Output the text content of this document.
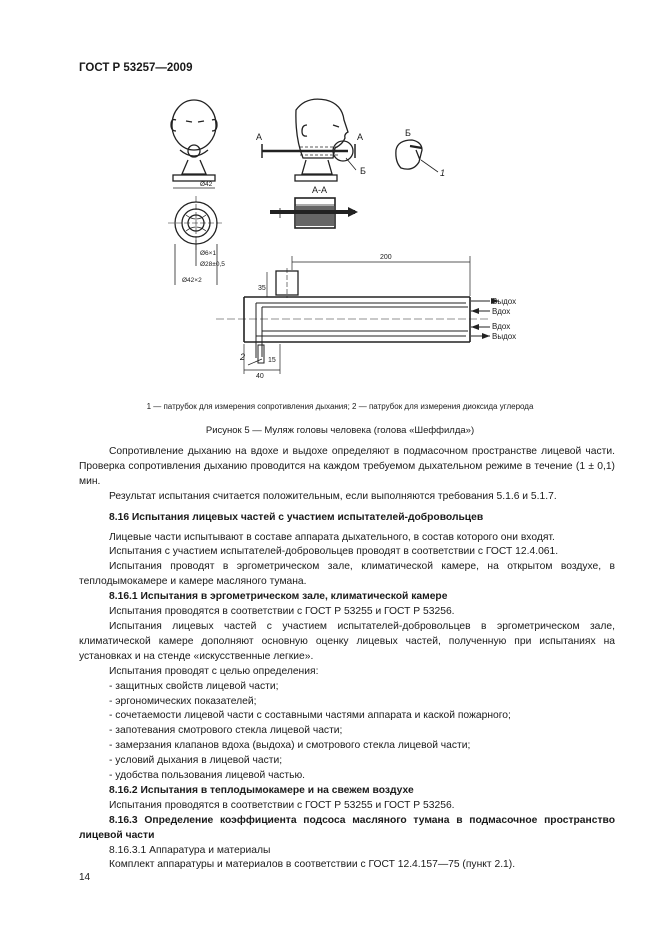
ГОСТ Р 53257—2009
А	А	Б
Б
А-А
1
2
200
35
15
40
Ø42
Ø6×1
Ø28±0,5
Ø42×2
Выдох
Вдох
Вдох
Выдох
1 — патрубок для измерения сопротивления дыхания; 2 — патрубок для измерения диоксида углерода
Рисунок 5 — Муляж головы человека (голова «Шеффилда»)

Сопротивление дыханию на вдохе и выдохе определяют в подмасочном пространстве лицевой части. Проверка сопротивления дыханию проводится на каждом требуемом дыхательном режиме в течение (1 ± 0,1) мин.

Результат испытания считается положительным, если выполняются требования 5.1.6 и 5.1.7.

8.16 Испытания лицевых частей с участием испытателей-добровольцев

Лицевые части испытывают в составе аппарата дыхательного, в состав которого они входят.

Испытания с участием испытателей-добровольцев проводят в соответствии с ГОСТ 12.4.061.

Испытания проводят в эргометрическом зале, климатической камере, на открытом воздухе, в теплодымокамере и камере масляного тумана.

8.16.1 Испытания в эргометрическом зале, климатической камере

Испытания проводятся в соответствии с ГОСТ Р 53255 и ГОСТ Р 53256.

Испытания лицевых частей с участием испытателей-добровольцев в эргометрическом зале, климатической камере дополняют основную оценку лицевых частей, полученную при испытаниях на установках и на стенде «искусственные легкие».

Испытания проводят с целью определения:

- защитных свойств лицевой части;

- эргономических показателей;

- сочетаемости лицевой части с составными частями аппарата и каской пожарного;

- запотевания смотрового стекла лицевой части;

- замерзания клапанов вдоха (выдоха) и смотрового стекла лицевой части;

- условий дыхания в лицевой части;

- удобства пользования лицевой частью.

8.16.2 Испытания в теплодымокамере и на свежем воздухе

Испытания проводятся в соответствии с ГОСТ Р 53255 и ГОСТ Р 53256.

8.16.3 Определение коэффициента подсоса масляного тумана в подмасочное пространство лицевой части

8.16.3.1 Аппаратура и материалы

Комплект аппаратуры и материалов в соответствии с ГОСТ 12.4.157—75 (пункт 2.1).

14
